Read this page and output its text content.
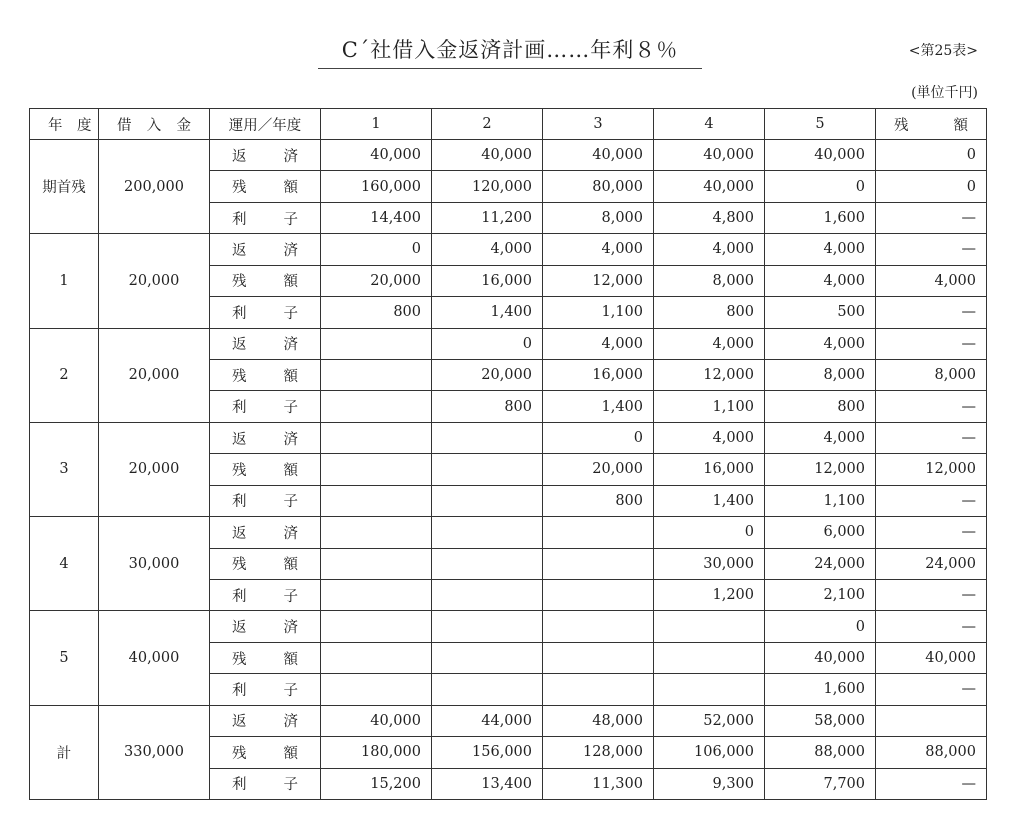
C´社借入金返済計画……年利８％	<第25表>
(単位千円)
年　度	借入金	運用／年度	1	2	3	4	5	残　額
期首残	200,000	返　済	40,000	40,000	40,000	40,000	40,000	0
		残　額	160,000	120,000	80,000	40,000	0	0
		利　子	14,400	11,200	8,000	4,800	1,600	—
1	20,000	返　済	0	4,000	4,000	4,000	4,000	—
		残　額	20,000	16,000	12,000	8,000	4,000	4,000
		利　子	800	1,400	1,100	800	500	—
2	20,000	返　済		0	4,000	4,000	4,000	—
		残　額		20,000	16,000	12,000	8,000	8,000
		利　子		800	1,400	1,100	800	—
3	20,000	返　済			0	4,000	4,000	—
		残　額			20,000	16,000	12,000	12,000
		利　子			800	1,400	1,100	—
4	30,000	返　済				0	6,000	—
		残　額				30,000	24,000	24,000
		利　子				1,200	2,100	—
5	40,000	返　済					0	—
		残　額					40,000	40,000
		利　子					1,600	—
計	330,000	返　済	40,000	44,000	48,000	52,000	58,000	
		残　額	180,000	156,000	128,000	106,000	88,000	88,000
		利　子	15,200	13,400	11,300	9,300	7,700	—
